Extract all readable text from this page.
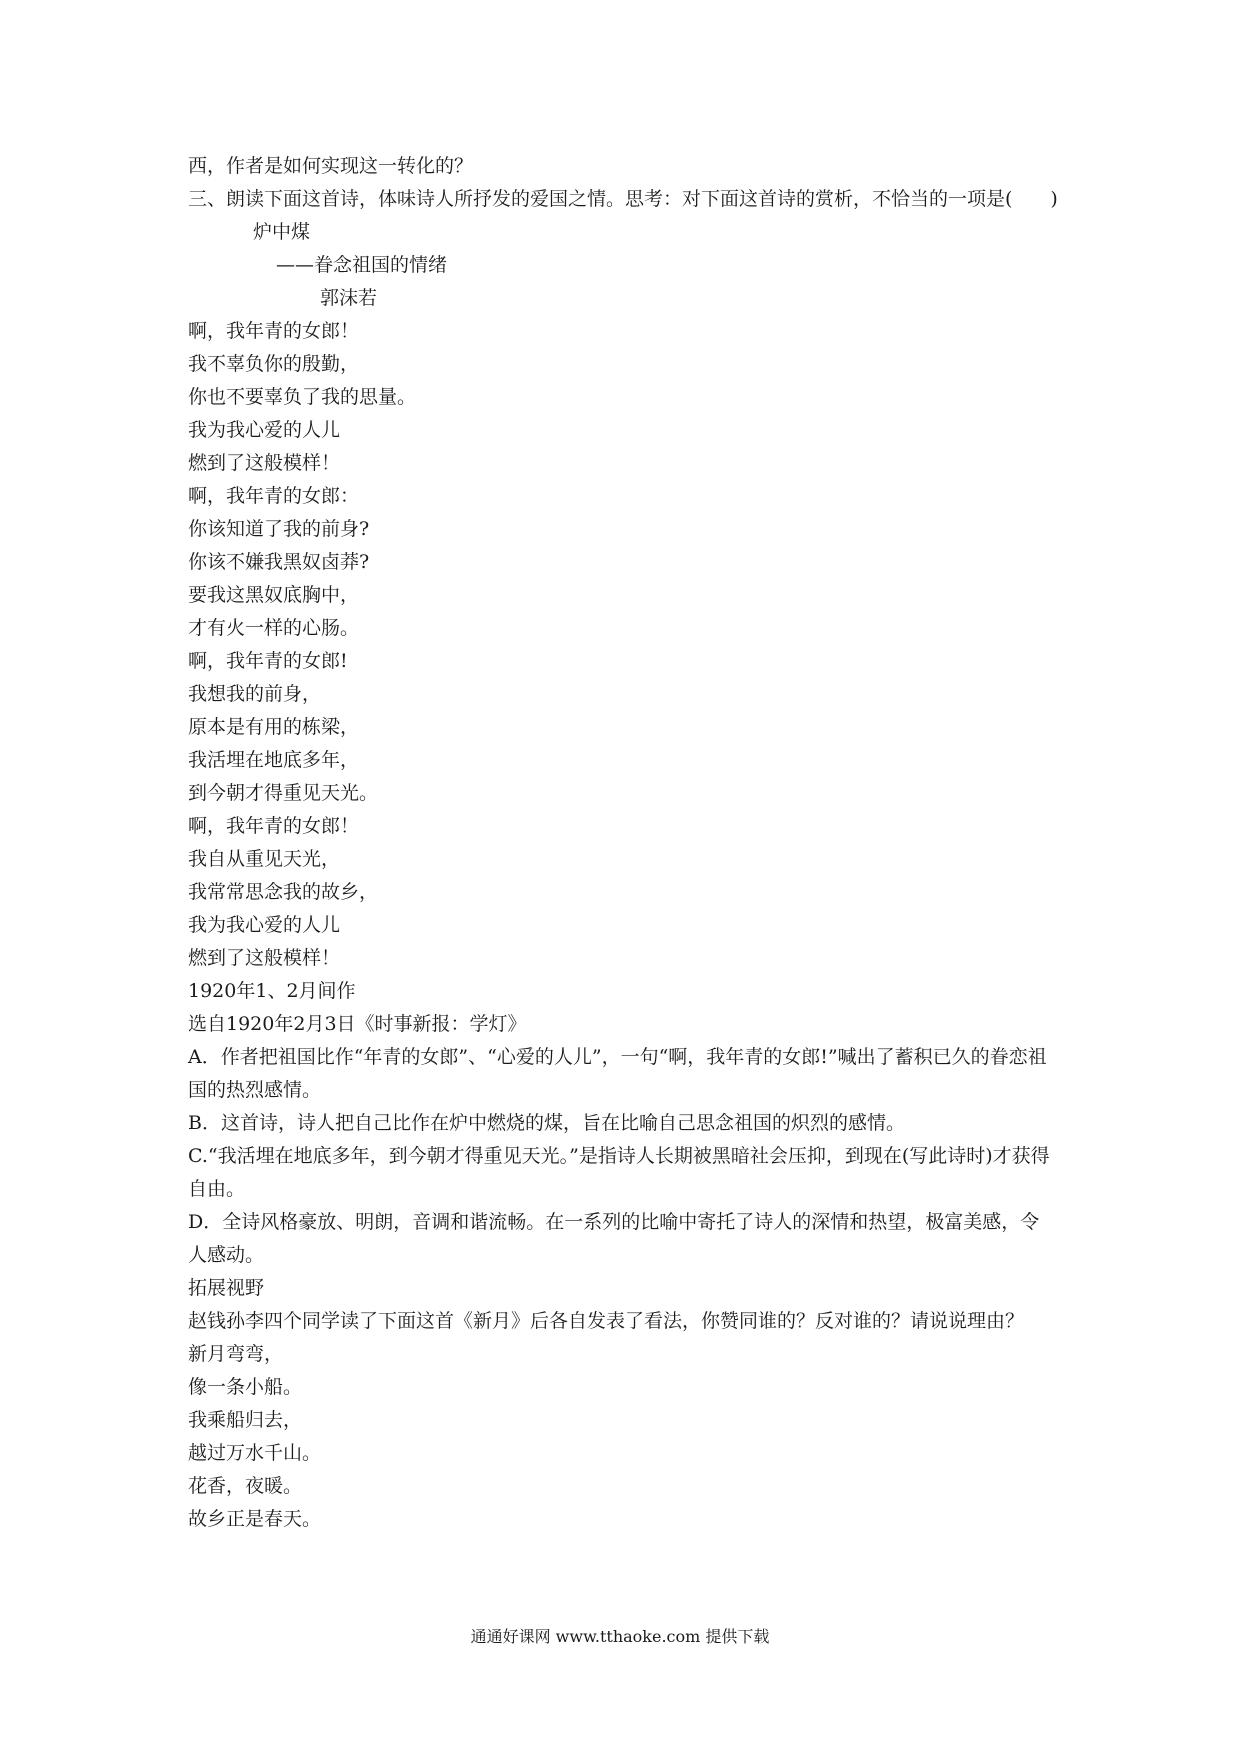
西，作者是如何实现这一转化的？
三、朗读下面这首诗，体味诗人所抒发的爱国之情。思考：对下面这首诗的赏析，不恰当的一项是(　　)
炉中煤
——眷念祖国的情绪
郭沫若
啊，我年青的女郎！
我不辜负你的殷勤，
你也不要辜负了我的思量。
我为我心爱的人儿
燃到了这般模样！
啊，我年青的女郎：
你该知道了我的前身?
你该不嫌我黑奴卤莽?
要我这黑奴底胸中，
才有火一样的心肠。
啊，我年青的女郎!
我想我的前身，
原本是有用的栋梁，
我活埋在地底多年，
到今朝才得重见天光。
啊，我年青的女郎！
我自从重见天光，
我常常思念我的故乡，
我为我心爱的人儿
燃到了这般模样！
1920年1、2月间作
选自1920年2月3日《时事新报：学灯》
A．作者把祖国比作“年青的女郎”、“心爱的人儿”，一句“啊，我年青的女郎!”喊出了蓄积已久的眷恋祖国的热烈感情。
B．这首诗，诗人把自己比作在炉中燃烧的煤，旨在比喻自己思念祖国的炽烈的感情。
C.“我活埋在地底多年，到今朝才得重见天光。”是指诗人长期被黑暗社会压抑，到现在(写此诗时)才获得自由。
D．全诗风格豪放、明朗，音调和谐流畅。在一系列的比喻中寄托了诗人的深情和热望，极富美感，令人感动。
拓展视野
赵钱孙李四个同学读了下面这首《新月》后各自发表了看法，你赞同谁的？反对谁的？请说说理由？
新月弯弯，
像一条小船。
我乘船归去，
越过万水千山。
花香，夜暖。
故乡正是春天。
通通好课网 www.tthaoke.com 提供下载
